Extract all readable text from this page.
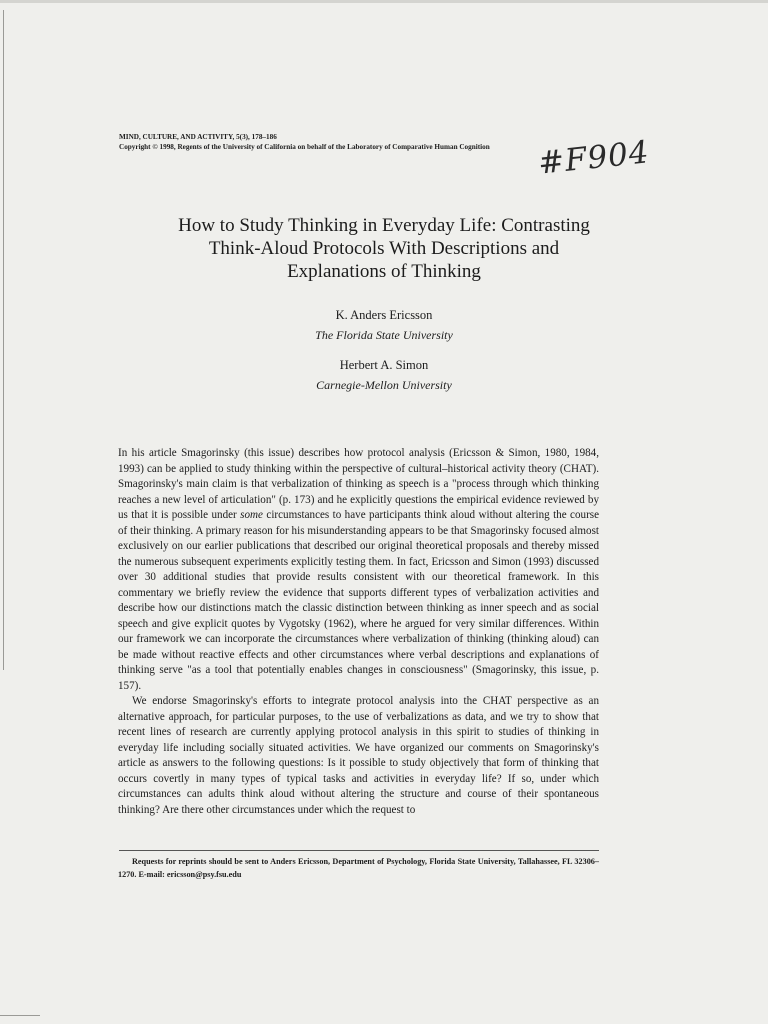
MIND, CULTURE, AND ACTIVITY, 5(3), 178–186
Copyright © 1998, Regents of the University of California on behalf of the Laboratory of Comparative Human Cognition	#F904
How to Study Thinking in Everyday Life: Contrasting
Think-Aloud Protocols With Descriptions and
Explanations of Thinking
K. Anders Ericsson
The Florida State University
Herbert A. Simon
Carnegie-Mellon University

In his article Smagorinsky (this issue) describes how protocol analysis (Ericsson & Simon, 1980, 1984, 1993) can be applied to study thinking within the perspective of cultural–historical activity theory (CHAT). Smagorinsky's main claim is that verbalization of thinking as speech is a "process through which thinking reaches a new level of articulation" (p. 173) and he explicitly questions the empirical evidence reviewed by us that it is possible under some circumstances to have participants think aloud without altering the course of their thinking. A primary reason for his misunderstanding appears to be that Smagorinsky focused almost exclusively on our earlier publications that described our original theoretical proposals and thereby missed the numerous subsequent experiments explicitly testing them. In fact, Ericsson and Simon (1993) discussed over 30 additional studies that provide results consistent with our theoretical framework. In this commentary we briefly review the evidence that supports different types of verbalization activities and describe how our distinctions match the classic distinction between thinking as inner speech and as social speech and give explicit quotes by Vygotsky (1962), where he argued for very similar differences. Within our framework we can incorporate the circumstances where verbalization of thinking (thinking aloud) can be made without reactive effects and other circumstances where verbal descriptions and explanations of thinking serve "as a tool that potentially enables changes in consciousness" (Smagorinsky, this issue, p. 157).

We endorse Smagorinsky's efforts to integrate protocol analysis into the CHAT perspective as an alternative approach, for particular purposes, to the use of verbalizations as data, and we try to show that recent lines of research are currently applying protocol analysis in this spirit to studies of thinking in everyday life including socially situated activities. We have organized our comments on Smagorinsky's article as answers to the following questions: Is it possible to study objectively that form of thinking that occurs covertly in many types of typical tasks and activities in everyday life? If so, under which circumstances can adults think aloud without altering the structure and course of their spontaneous thinking? Are there other circumstances under which the request to

Requests for reprints should be sent to Anders Ericsson, Department of Psychology, Florida State University, Tallahassee, FL 32306–1270. E-mail: ericsson@psy.fsu.edu
